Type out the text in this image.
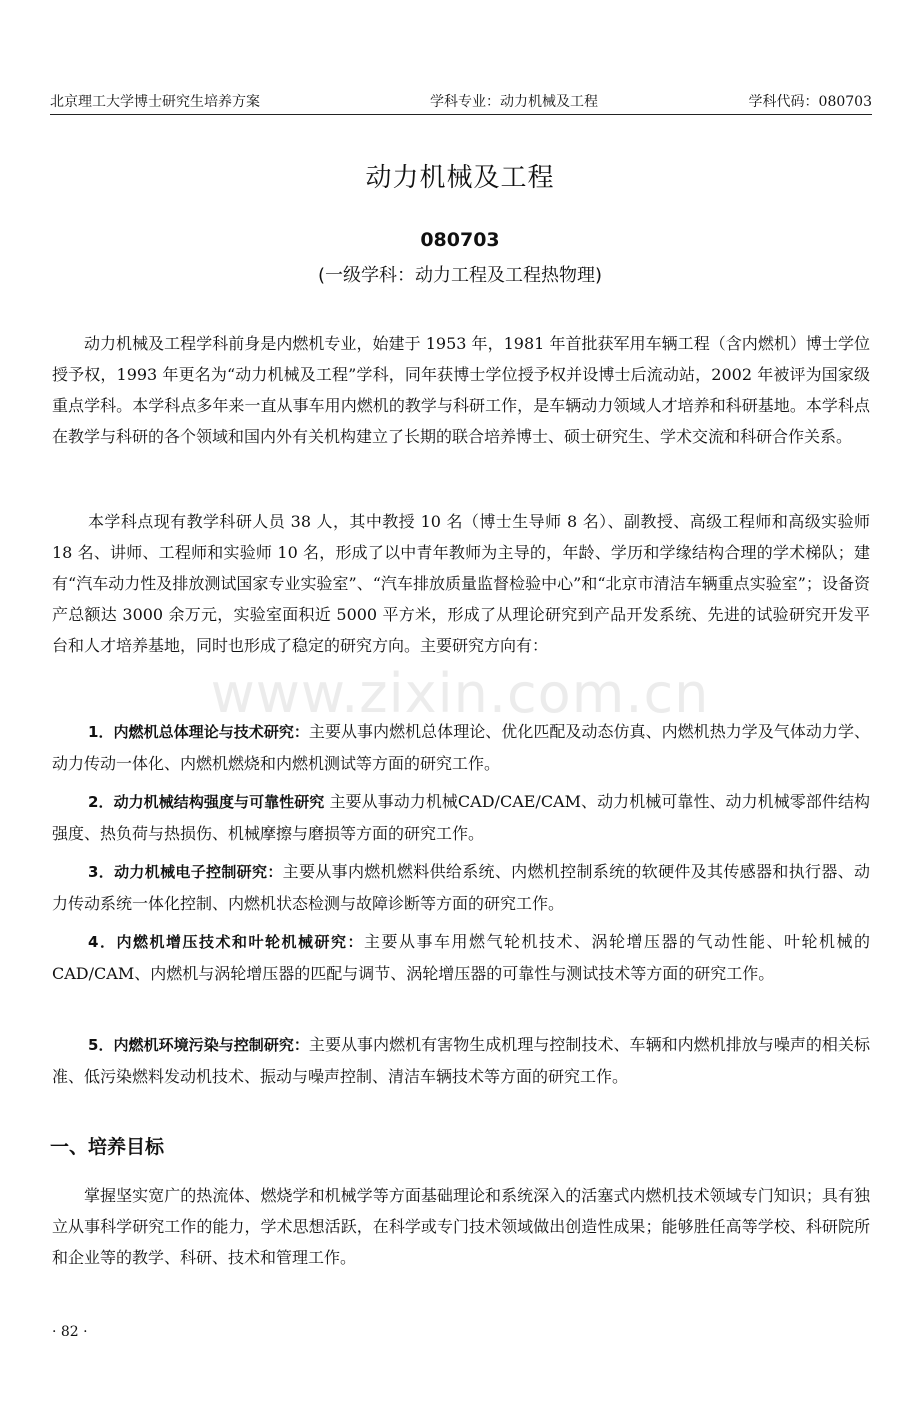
北京理工大学博士研究生培养方案	学科专业：动力机械及工程	学科代码：080703
动力机械及工程
080703
(一级学科：动力工程及工程热物理)

动力机械及工程学科前身是内燃机专业，始建于 1953 年，1981 年首批获军用车辆工程（含内燃机）博士学位授予权，1993 年更名为“动力机械及工程”学科，同年获博士学位授予权并设博士后流动站，2002 年被评为国家级重点学科。本学科点多年来一直从事车用内燃机的教学与科研工作，是车辆动力领域人才培养和科研基地。本学科点在教学与科研的各个领域和国内外有关机构建立了长期的联合培养博士、硕士研究生、学术交流和科研合作关系。

本学科点现有教学科研人员 38 人，其中教授 10 名（博士生导师 8 名）、副教授、高级工程师和高级实验师 18 名、讲师、工程师和实验师 10 名，形成了以中青年教师为主导的，年龄、学历和学缘结构合理的学术梯队；建有“汽车动力性及排放测试国家专业实验室”、“汽车排放质量监督检验中心”和“北京市清洁车辆重点实验室”；设备资产总额达 3000 余万元，实验室面积近 5000 平方米，形成了从理论研究到产品开发系统、先进的试验研究开发平台和人才培养基地，同时也形成了稳定的研究方向。主要研究方向有：

www.zixin.com.cn

1．内燃机总体理论与技术研究：主要从事内燃机总体理论、优化匹配及动态仿真、内燃机热力学及气体动力学、动力传动一体化、内燃机燃烧和内燃机测试等方面的研究工作。

2．动力机械结构强度与可靠性研究 主要从事动力机械CAD/CAE/CAM、动力机械可靠性、动力机械零部件结构强度、热负荷与热损伤、机械摩擦与磨损等方面的研究工作。

3．动力机械电子控制研究：主要从事内燃机燃料供给系统、内燃机控制系统的软硬件及其传感器和执行器、动力传动系统一体化控制、内燃机状态检测与故障诊断等方面的研究工作。

4．内燃机增压技术和叶轮机械研究：主要从事车用燃气轮机技术、涡轮增压器的气动性能、叶轮机械的CAD/CAM、内燃机与涡轮增压器的匹配与调节、涡轮增压器的可靠性与测试技术等方面的研究工作。

5．内燃机环境污染与控制研究：主要从事内燃机有害物生成机理与控制技术、车辆和内燃机排放与噪声的相关标准、低污染燃料发动机技术、振动与噪声控制、清洁车辆技术等方面的研究工作。

一、培养目标

掌握坚实宽广的热流体、燃烧学和机械学等方面基础理论和系统深入的活塞式内燃机技术领域专门知识；具有独立从事科学研究工作的能力，学术思想活跃，在科学或专门技术领域做出创造性成果；能够胜任高等学校、科研院所和企业等的教学、科研、技术和管理工作。

· 82 ·
